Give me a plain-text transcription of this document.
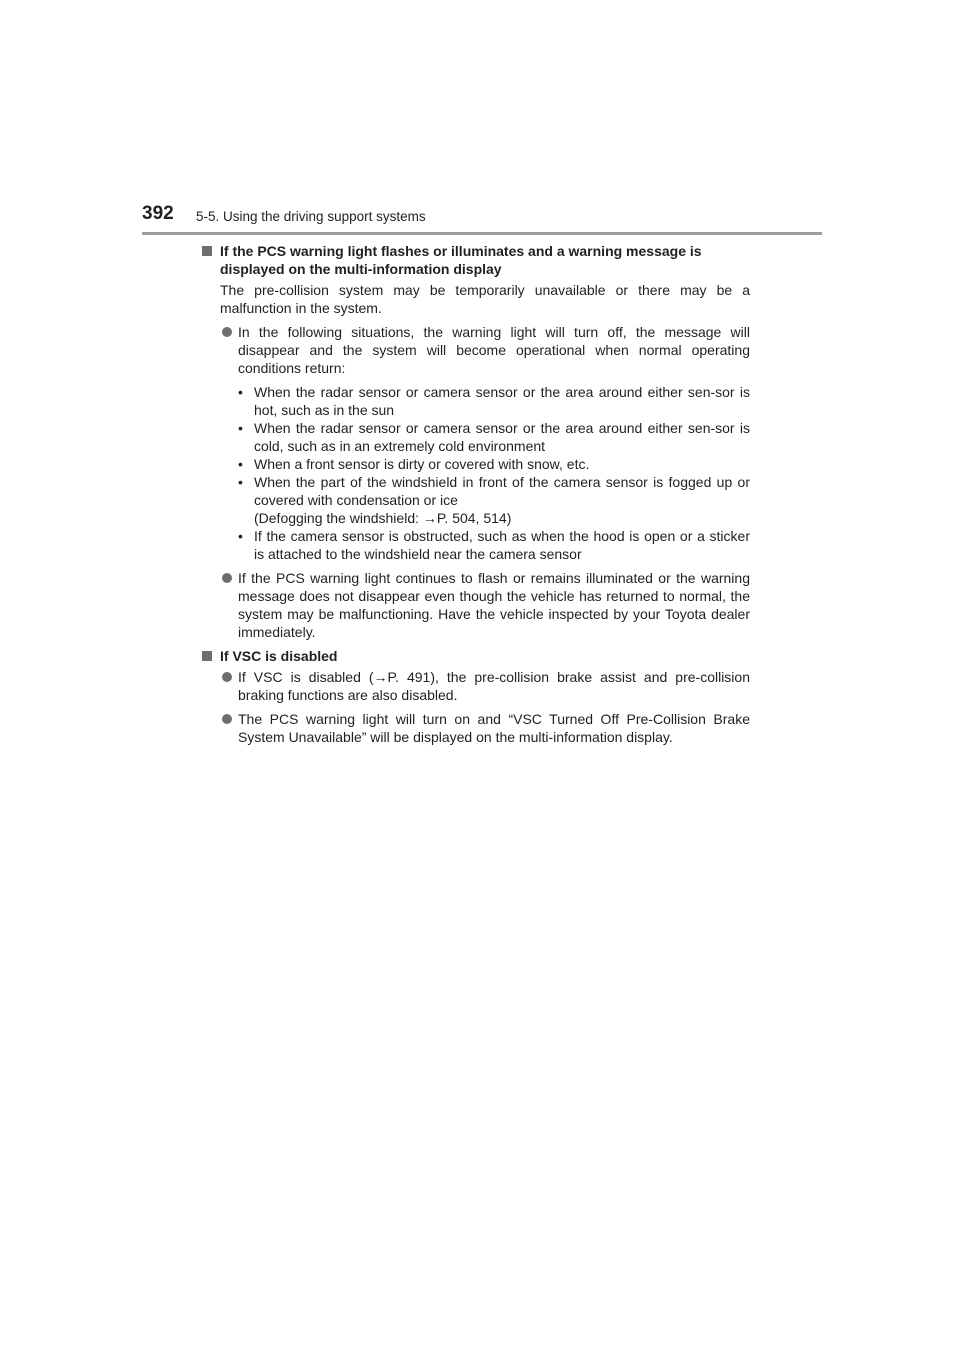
392 5-5. Using the driving support systems
If the PCS warning light flashes or illuminates and a warning message is displayed on the multi-information display
The pre-collision system may be temporarily unavailable or there may be a malfunction in the system.
In the following situations, the warning light will turn off, the message will disappear and the system will become operational when normal operating conditions return:
• When the radar sensor or camera sensor or the area around either sen-sor is hot, such as in the sun
• When the radar sensor or camera sensor or the area around either sen-sor is cold, such as in an extremely cold environment
• When a front sensor is dirty or covered with snow, etc.
• When the part of the windshield in front of the camera sensor is fogged up or covered with condensation or ice
(Defogging the windshield: →P. 504, 514)
• If the camera sensor is obstructed, such as when the hood is open or a sticker is attached to the windshield near the camera sensor
If the PCS warning light continues to flash or remains illuminated or the warning message does not disappear even though the vehicle has returned to normal, the system may be malfunctioning. Have the vehicle inspected by your Toyota dealer immediately.
If VSC is disabled
If VSC is disabled (→P. 491), the pre-collision brake assist and pre-collision braking functions are also disabled.
The PCS warning light will turn on and “VSC Turned Off Pre-Collision Brake System Unavailable” will be displayed on the multi-information display.
